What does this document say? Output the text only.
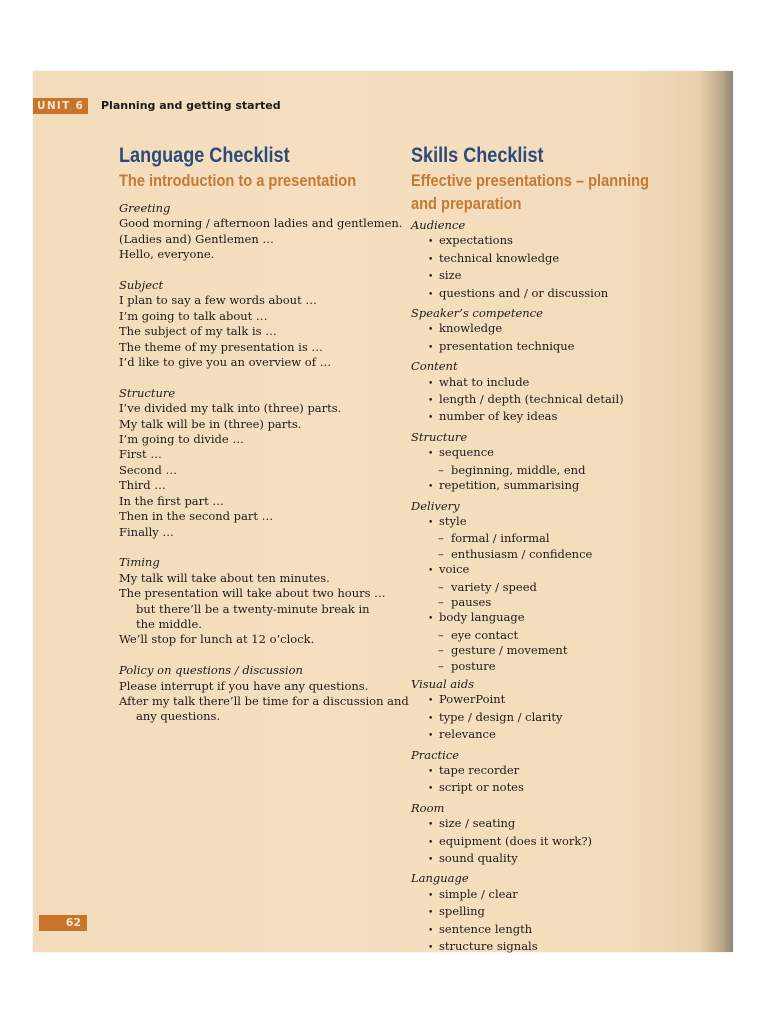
UNIT 6	Planning and getting started
Language Checklist
The introduction to a presentation
Greeting
Good morning / afternoon ladies and gentlemen.
(Ladies and) Gentlemen …
Hello, everyone.
Subject
I plan to say a few words about …
I’m going to talk about …
The subject of my talk is …
The theme of my presentation is …
I’d like to give you an overview of …
Structure
I’ve divided my talk into (three) parts.
My talk will be in (three) parts.
I’m going to divide …
First …
Second …
Third …
In the first part …
Then in the second part …
Finally …
Timing
My talk will take about ten minutes.
The presentation will take about two hours …
but there’ll be a twenty-minute break in
the middle.
We’ll stop for lunch at 12 o’clock.
Policy on questions / discussion
Please interrupt if you have any questions.
After my talk there’ll be time for a discussion and
any questions.
Skills Checklist
Effective presentations – planning
and preparation
Audience
• expectations
• technical knowledge
• size
• questions and / or discussion
Speaker’s competence
• knowledge
• presentation technique
Content
• what to include
• length / depth (technical detail)
• number of key ideas
Structure
• sequence
– beginning, middle, end
• repetition, summarising
Delivery
• style
– formal / informal
– enthusiasm / confidence
• voice
– variety / speed
– pauses
• body language
– eye contact
– gesture / movement
– posture
Visual aids
• PowerPoint
• type / design / clarity
• relevance
Practice
• tape recorder
• script or notes
Room
• size / seating
• equipment (does it work?)
• sound quality
Language
• simple / clear
• spelling
• sentence length
• structure signals
62
